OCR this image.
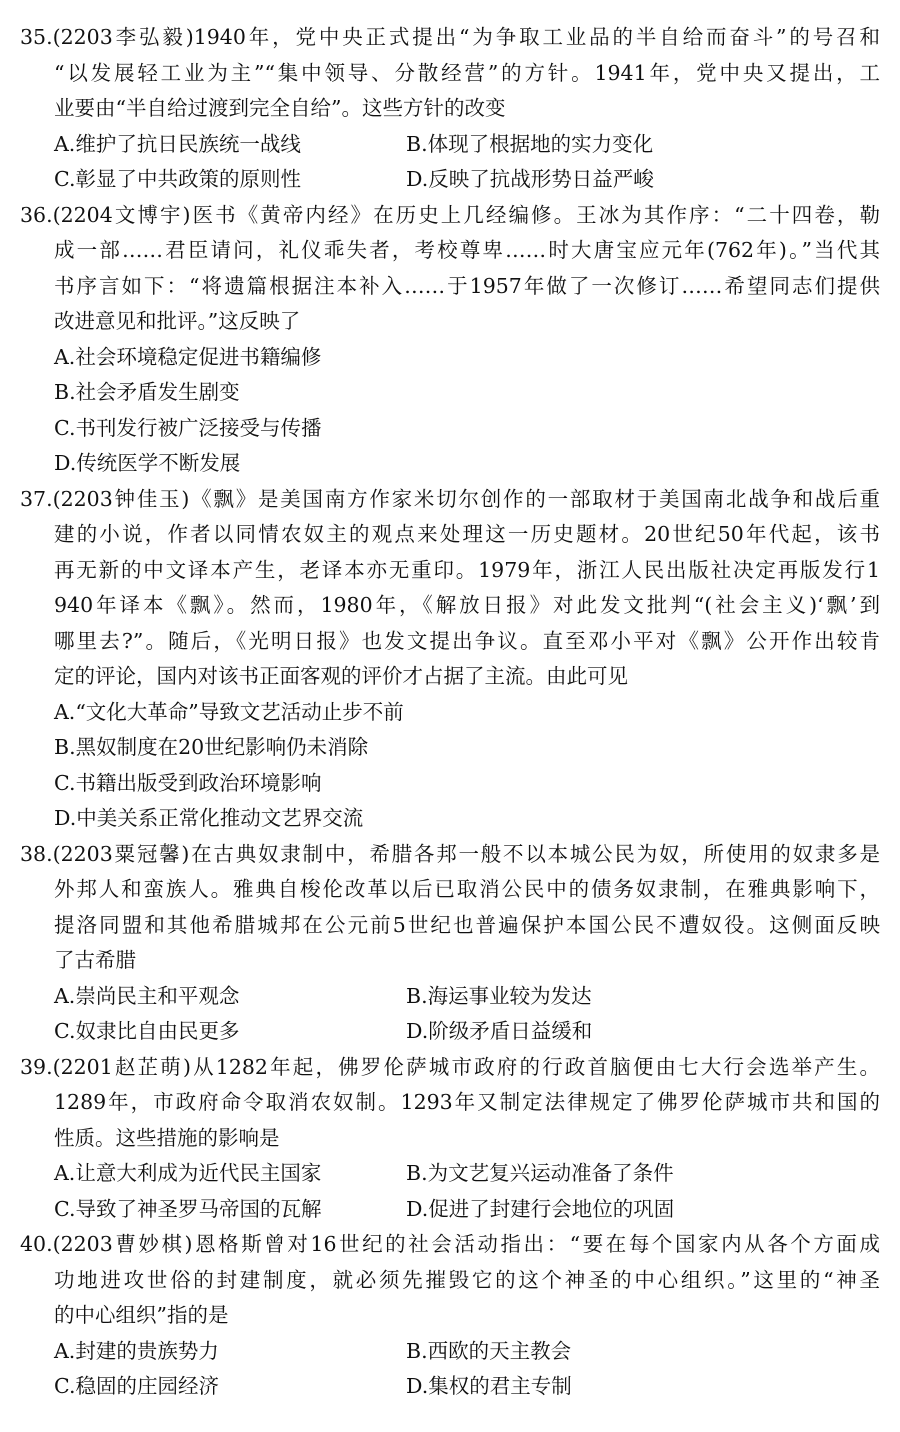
35.(2203李弘毅)1940年，党中央正式提出“为争取工业品的半自给而奋斗”的号召和
“以发展轻工业为主”“集中领导、分散经营”的方针。1941年，党中央又提出，工
业要由“半自给过渡到完全自给”。这些方针的改变
A.维护了抗日民族统一战线	B.体现了根据地的实力变化
C.彰显了中共政策的原则性	D.反映了抗战形势日益严峻
36.(2204文博宇)医书《黄帝内经》在历史上几经编修。王冰为其作序：“二十四卷，勒
成一部……君臣请问，礼仪乖失者，考校尊卑……时大唐宝应元年(762年)。”当代其
书序言如下：“将遗篇根据注本补入……于1957年做了一次修订……希望同志们提供
改进意见和批评。”这反映了
A.社会环境稳定促进书籍编修
B.社会矛盾发生剧变
C.书刊发行被广泛接受与传播
D.传统医学不断发展
37.(2203钟佳玉)《飘》是美国南方作家米切尔创作的一部取材于美国南北战争和战后重
建的小说，作者以同情农奴主的观点来处理这一历史题材。20世纪50年代起，该书
再无新的中文译本产生，老译本亦无重印。1979年，浙江人民出版社决定再版发行1
940年译本《飘》。然而，1980年，《解放日报》对此发文批判“(社会主义)‘飘’到
哪里去?”。随后，《光明日报》也发文提出争议。直至邓小平对《飘》公开作出较肯
定的评论，国内对该书正面客观的评价才占据了主流。由此可见
A.“文化大革命”导致文艺活动止步不前
B.黑奴制度在20世纪影响仍未消除
C.书籍出版受到政治环境影响
D.中美关系正常化推动文艺界交流
38.(2203粟冠馨)在古典奴隶制中，希腊各邦一般不以本城公民为奴，所使用的奴隶多是
外邦人和蛮族人。雅典自梭伦改革以后已取消公民中的债务奴隶制，在雅典影响下，
提洛同盟和其他希腊城邦在公元前5世纪也普遍保护本国公民不遭奴役。这侧面反映
了古希腊
A.崇尚民主和平观念	B.海运事业较为发达
C.奴隶比自由民更多	D.阶级矛盾日益缓和
39.(2201赵芷萌)从1282年起，佛罗伦萨城市政府的行政首脑便由七大行会选举产生。
1289年，市政府命令取消农奴制。1293年又制定法律规定了佛罗伦萨城市共和国的
性质。这些措施的影响是
A.让意大利成为近代民主国家	B.为文艺复兴运动准备了条件
C.导致了神圣罗马帝国的瓦解	D.促进了封建行会地位的巩固
40.(2203曹妙棋)恩格斯曾对16世纪的社会活动指出：“要在每个国家内从各个方面成
功地进攻世俗的封建制度，就必须先摧毁它的这个神圣的中心组织。”这里的“神圣
的中心组织”指的是
A.封建的贵族势力	B.西欧的天主教会
C.稳固的庄园经济	D.集权的君主专制
